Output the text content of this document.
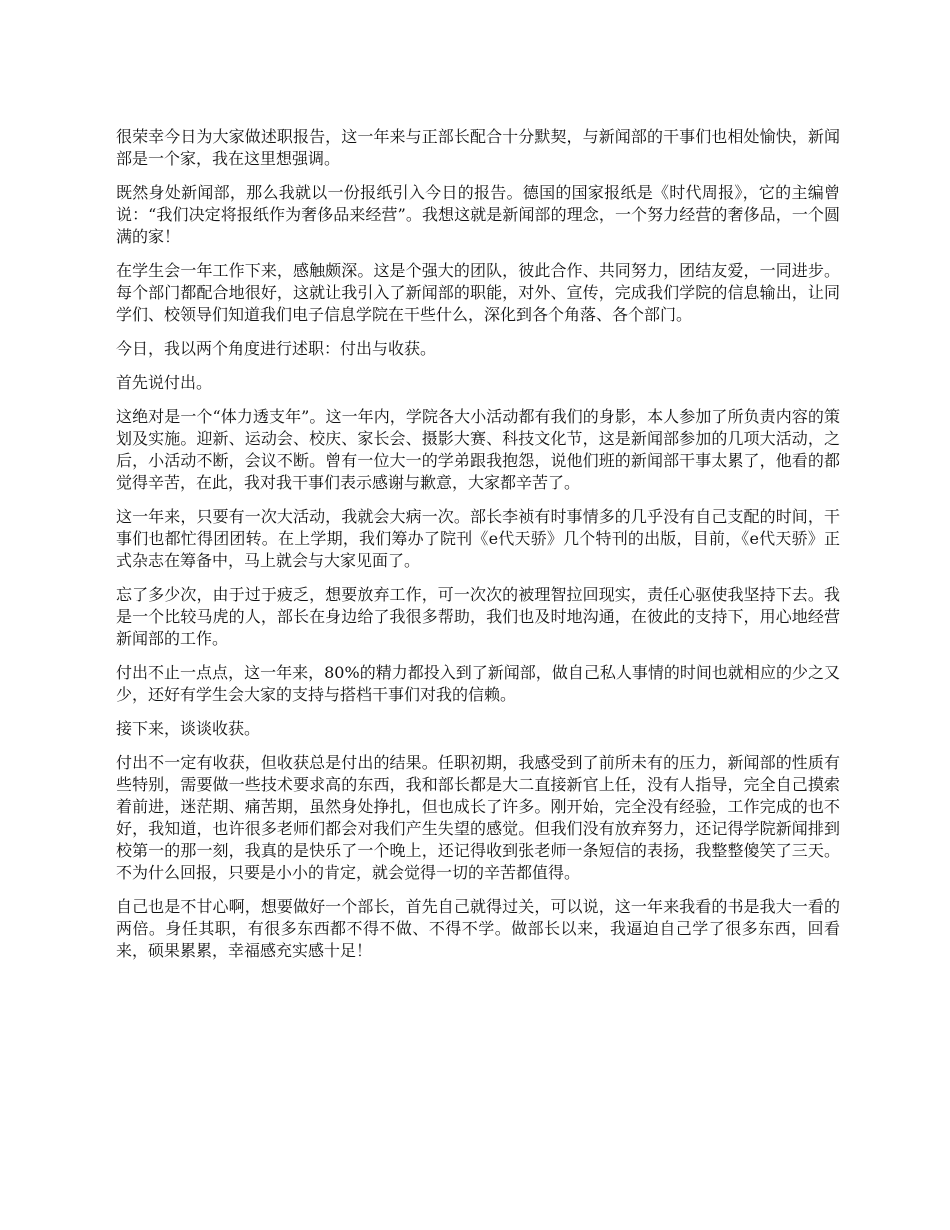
很荣幸今日为大家做述职报告，这一年来与正部长配合十分默契，与新闻部的干事们也相处愉快，新闻部是一个家，我在这里想强调。

既然身处新闻部，那么我就以一份报纸引入今日的报告。德国的国家报纸是《时代周报》，它的主编曾说：“我们决定将报纸作为奢侈品来经营”。我想这就是新闻部的理念，一个努力经营的奢侈品，一个圆满的家！

在学生会一年工作下来，感触颇深。这是个强大的团队，彼此合作、共同努力，团结友爱，一同进步。每个部门都配合地很好，这就让我引入了新闻部的职能，对外、宣传，完成我们学院的信息输出，让同学们、校领导们知道我们电子信息学院在干些什么，深化到各个角落、各个部门。

今日，我以两个角度进行述职：付出与收获。

首先说付出。

这绝对是一个“体力透支年”。这一年内，学院各大小活动都有我们的身影，本人参加了所负责内容的策划及实施。迎新、运动会、校庆、家长会、摄影大赛、科技文化节，这是新闻部参加的几项大活动，之后，小活动不断，会议不断。曾有一位大一的学弟跟我抱怨，说他们班的新闻部干事太累了，他看的都觉得辛苦，在此，我对我干事们表示感谢与歉意，大家都辛苦了。

这一年来，只要有一次大活动，我就会大病一次。部长李祯有时事情多的几乎没有自己支配的时间，干事们也都忙得团团转。在上学期，我们筹办了院刊《e代天骄》几个特刊的出版，目前，《e代天骄》正式杂志在筹备中，马上就会与大家见面了。

忘了多少次，由于过于疲乏，想要放弃工作，可一次次的被理智拉回现实，责任心驱使我坚持下去。我是一个比较马虎的人，部长在身边给了我很多帮助，我们也及时地沟通，在彼此的支持下，用心地经营新闻部的工作。

付出不止一点点，这一年来，80%的精力都投入到了新闻部，做自己私人事情的时间也就相应的少之又少，还好有学生会大家的支持与搭档干事们对我的信赖。

接下来，谈谈收获。

付出不一定有收获，但收获总是付出的结果。任职初期，我感受到了前所未有的压力，新闻部的性质有些特别，需要做一些技术要求高的东西，我和部长都是大二直接新官上任，没有人指导，完全自己摸索着前进，迷茫期、痛苦期，虽然身处挣扎，但也成长了许多。刚开始，完全没有经验，工作完成的也不好，我知道，也许很多老师们都会对我们产生失望的感觉。但我们没有放弃努力，还记得学院新闻排到校第一的那一刻，我真的是快乐了一个晚上，还记得收到张老师一条短信的表扬，我整整傻笑了三天。不为什么回报，只要是小小的肯定，就会觉得一切的辛苦都值得。

自己也是不甘心啊，想要做好一个部长，首先自己就得过关，可以说，这一年来我看的书是我大一看的两倍。身任其职，有很多东西都不得不做、不得不学。做部长以来，我逼迫自己学了很多东西，回看来，硕果累累，幸福感充实感十足！
